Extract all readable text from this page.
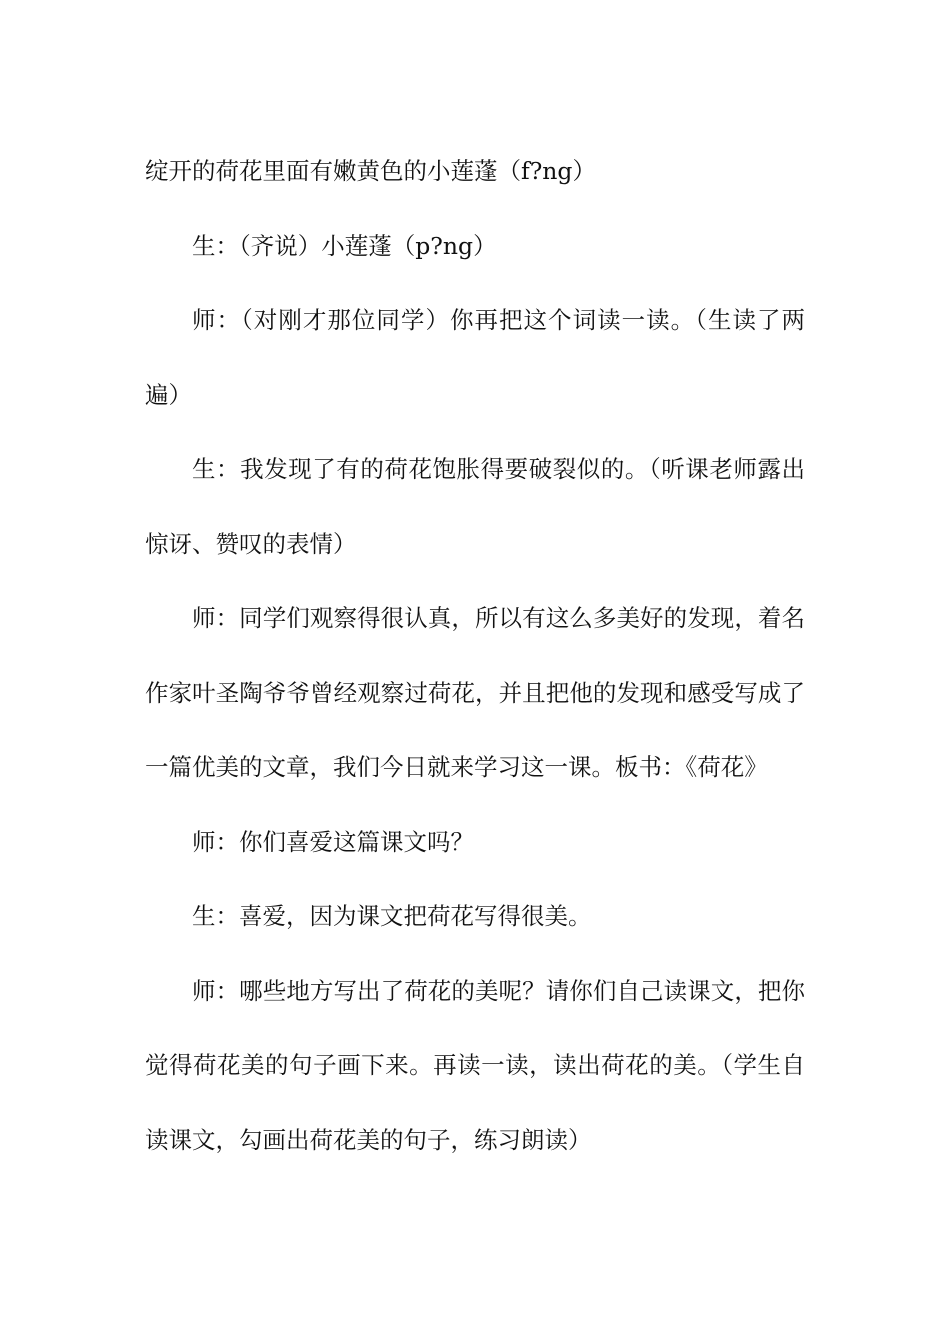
绽开的荷花里面有嫩黄色的小莲蓬（f?ng）

生：（齐说）小莲蓬（p?ng）

师：（对刚才那位同学）你再把这个词读一读。（生读了两遍）

生：我发现了有的荷花饱胀得要破裂似的。（听课老师露出惊讶、赞叹的表情）

师：同学们观察得很认真，所以有这么多美好的发现，着名作家叶圣陶爷爷曾经观察过荷花，并且把他的发现和感受写成了一篇优美的文章，我们今日就来学习这一课。板书：《荷花》

师：你们喜爱这篇课文吗？

生：喜爱，因为课文把荷花写得很美。

师：哪些地方写出了荷花的美呢？请你们自己读课文，把你觉得荷花美的句子画下来。再读一读，读出荷花的美。（学生自读课文，勾画出荷花美的句子，练习朗读）
